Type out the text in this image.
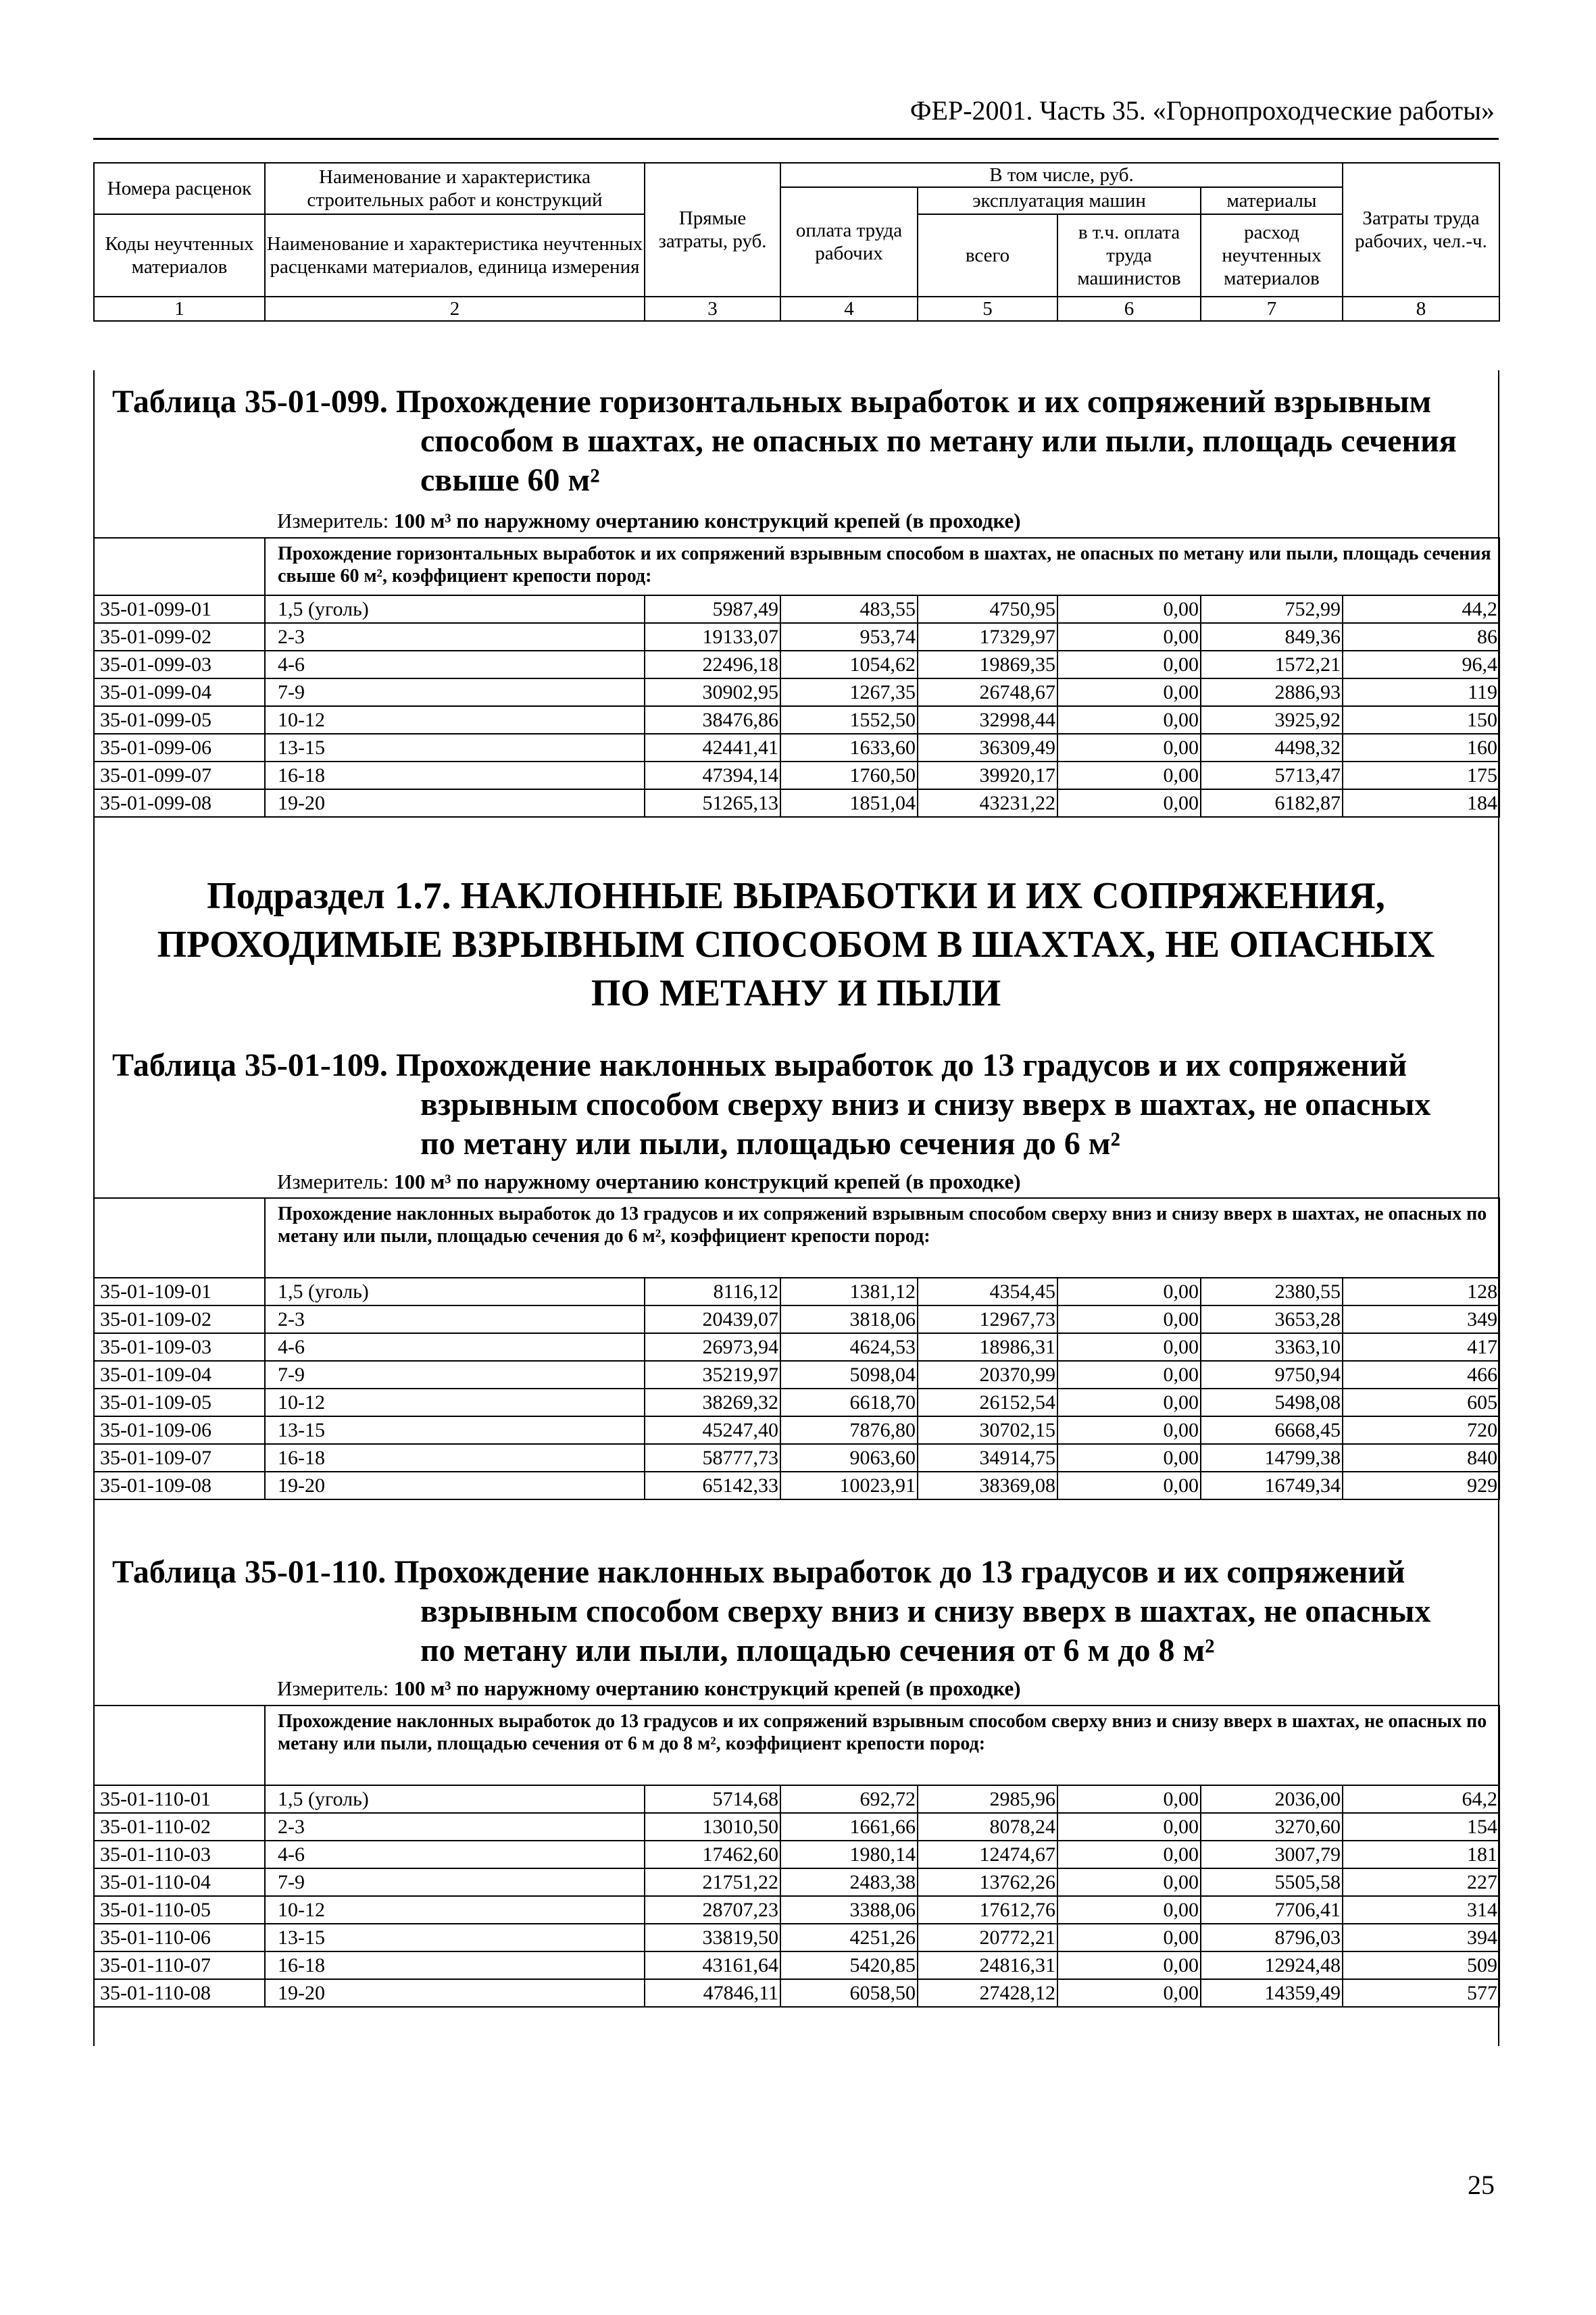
ФЕР-2001. Часть 35. «Горнопроходческие работы»
Номера расценок	Наименование и характеристика строительных работ и конструкций	Прямые затраты, руб.	В том числе, руб.				Затраты труда рабочих, чел.-ч.
			оплата труда рабочих	эксплуатация машин		материалы	
Коды неучтенных материалов	Наименование и характеристика неучтенных расценками материалов, единица измерения			всего	в т.ч. оплата труда машинистов	расход неучтенных материалов	

1	2	3	4	5	6	7	8
Таблица 35-01-099. Прохождение горизонтальных выработок и их сопряжений взрывным
способом в шахтах, не опасных по метану или пыли, площадь сечения
свыше 60 м²
Измеритель: 100 м³ по наружному очертанию конструкций крепей (в проходке)
	Прохождение горизонтальных выработок и их сопряжений взрывным способом в шахтах, не опасных по метану или пыли, площадь сечения свыше 60 м², коэффициент крепости пород:						
35-01-099-01	1,5 (уголь)	5987,49	483,55	4750,95	0,00	752,99	44,2
35-01-099-02	2-3	19133,07	953,74	17329,97	0,00	849,36	86
35-01-099-03	4-6	22496,18	1054,62	19869,35	0,00	1572,21	96,4
35-01-099-04	7-9	30902,95	1267,35	26748,67	0,00	2886,93	119
35-01-099-05	10-12	38476,86	1552,50	32998,44	0,00	3925,92	150
35-01-099-06	13-15	42441,41	1633,60	36309,49	0,00	4498,32	160
35-01-099-07	16-18	47394,14	1760,50	39920,17	0,00	5713,47	175
35-01-099-08	19-20	51265,13	1851,04	43231,22	0,00	6182,87	184
Подраздел 1.7. НАКЛОННЫЕ ВЫРАБОТКИ И ИХ СОПРЯЖЕНИЯ,
ПРОХОДИМЫЕ ВЗРЫВНЫМ СПОСОБОМ В ШАХТАХ, НЕ ОПАСНЫХ
ПО МЕТАНУ И ПЫЛИ
Таблица 35-01-109. Прохождение наклонных выработок до 13 градусов и их сопряжений
взрывным способом сверху вниз и снизу вверх в шахтах, не опасных
по метану или пыли, площадью сечения до 6 м²
Измеритель: 100 м³ по наружному очертанию конструкций крепей (в проходке)
	Прохождение наклонных выработок до 13 градусов и их сопряжений взрывным способом сверху вниз и снизу вверх в шахтах, не опасных по метану или пыли, площадью сечения до 6 м², коэффициент крепости пород:						
35-01-109-01	1,5 (уголь)	8116,12	1381,12	4354,45	0,00	2380,55	128
35-01-109-02	2-3	20439,07	3818,06	12967,73	0,00	3653,28	349
35-01-109-03	4-6	26973,94	4624,53	18986,31	0,00	3363,10	417
35-01-109-04	7-9	35219,97	5098,04	20370,99	0,00	9750,94	466
35-01-109-05	10-12	38269,32	6618,70	26152,54	0,00	5498,08	605
35-01-109-06	13-15	45247,40	7876,80	30702,15	0,00	6668,45	720
35-01-109-07	16-18	58777,73	9063,60	34914,75	0,00	14799,38	840
35-01-109-08	19-20	65142,33	10023,91	38369,08	0,00	16749,34	929
Таблица 35-01-110. Прохождение наклонных выработок до 13 градусов и их сопряжений
взрывным способом сверху вниз и снизу вверх в шахтах, не опасных
по метану или пыли, площадью сечения от 6 м до 8 м²
Измеритель: 100 м³ по наружному очертанию конструкций крепей (в проходке)
	Прохождение наклонных выработок до 13 градусов и их сопряжений взрывным способом сверху вниз и снизу вверх в шахтах, не опасных по метану или пыли, площадью сечения от 6 м до 8 м², коэффициент крепости пород:						
35-01-110-01	1,5 (уголь)	5714,68	692,72	2985,96	0,00	2036,00	64,2
35-01-110-02	2-3	13010,50	1661,66	8078,24	0,00	3270,60	154
35-01-110-03	4-6	17462,60	1980,14	12474,67	0,00	3007,79	181
35-01-110-04	7-9	21751,22	2483,38	13762,26	0,00	5505,58	227
35-01-110-05	10-12	28707,23	3388,06	17612,76	0,00	7706,41	314
35-01-110-06	13-15	33819,50	4251,26	20772,21	0,00	8796,03	394
35-01-110-07	16-18	43161,64	5420,85	24816,31	0,00	12924,48	509
35-01-110-08	19-20	47846,11	6058,50	27428,12	0,00	14359,49	577
25
